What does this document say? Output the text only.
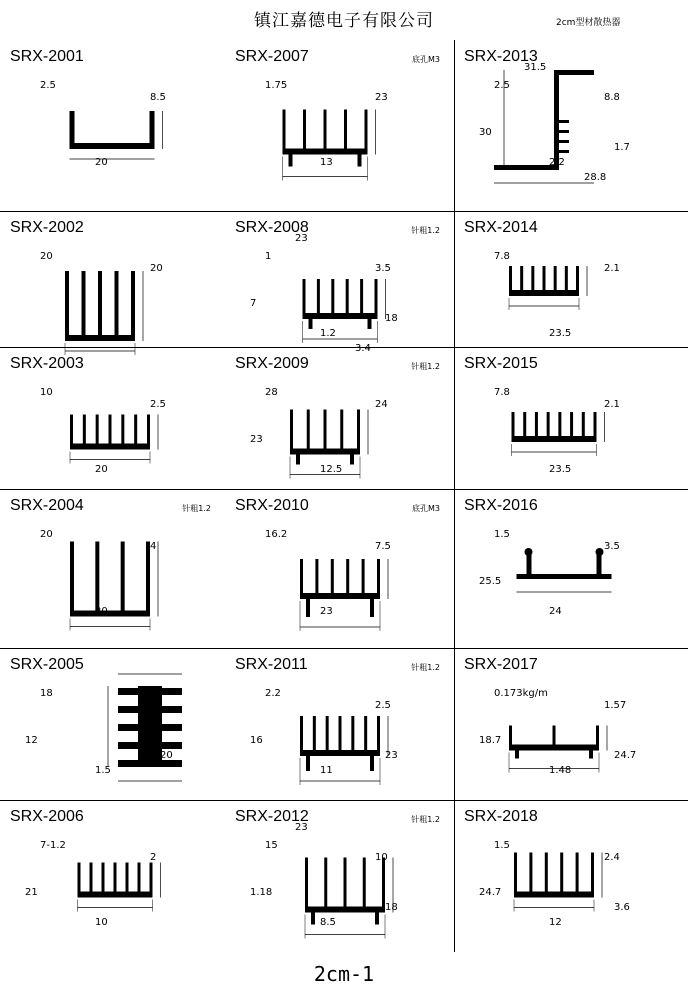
镇江嘉德电子有限公司	2cm型材散热器
2.5
8.5
20
SRX-2001
1.75
23
13
SRX-2007	底孔M3
2.5
8.8
2.2
30
1.7
31.5
28.8
SRX-2013
20
20
SRX-2002
1
3.5
1.2
7
18
23
3.4
SRX-2008	针粗1.2
7.8
2.1
23.5
SRX-2014
10
2.5
20
SRX-2003
28
24
12.5
23
SRX-2009	针粗1.2
7.8
2.1
23.5
SRX-2015
20
4
20
SRX-2004	针粗1.2
16.2
7.5
23
SRX-2010	底孔M3
1.5
3.5
24
25.5
SRX-2016
18
20
1.5
12
20
SRX-2005
2.2
2.5
11
16
23
SRX-2011	针粗1.2
0.173kg/m
1.57
1.48
18.7
24.7
SRX-2017
7-1.2
2
10
21
SRX-2006
15
10
8.5
1.18
18
23
SRX-2012	针粗1.2
1.5
2.4
12
24.7
3.6
SRX-2018
2cm-1
